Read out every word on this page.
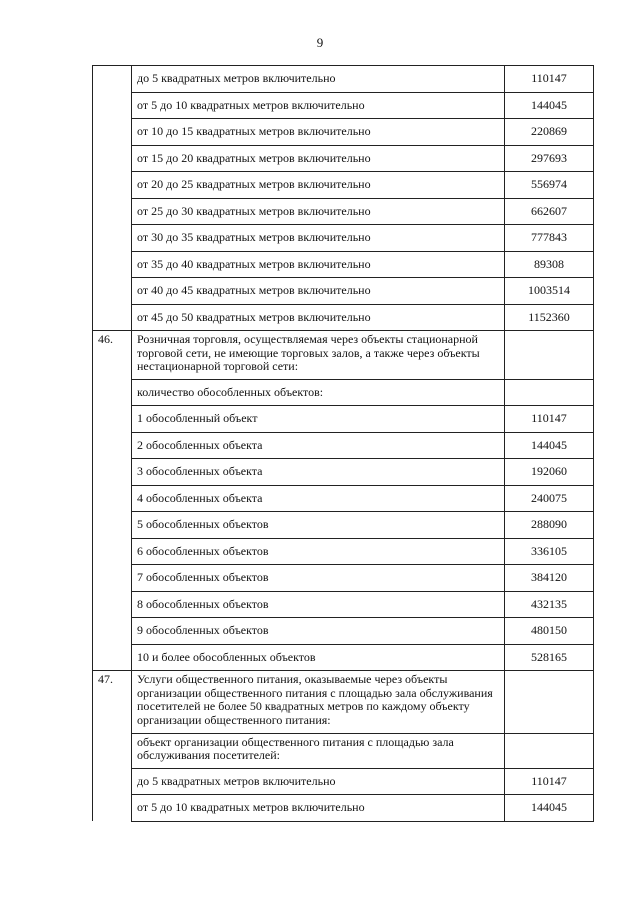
9
	до 5 квадратных метров включительно	110147
	от 5 до 10 квадратных метров включительно	144045
	от 10 до 15 квадратных метров включительно	220869
	от 15 до 20 квадратных метров включительно	297693
	от 20 до 25 квадратных метров включительно	556974
	от 25 до 30 квадратных метров включительно	662607
	от 30 до 35 квадратных метров включительно	777843
	от 35 до 40 квадратных метров включительно	89308
	от 40 до 45 квадратных метров включительно	1003514
	от 45 до 50 квадратных метров включительно	1152360
46.	Розничная торговля, осуществляемая через объекты стационарной торговой сети, не имеющие торговых залов, а также через объекты нестационарной торговой сети:	
	количество обособленных объектов:	
	1 обособленный объект	110147
	2 обособленных объекта	144045
	3 обособленных объекта	192060
	4 обособленных объекта	240075
	5 обособленных объектов	288090
	6 обособленных объектов	336105
	7 обособленных объектов	384120
	8 обособленных объектов	432135
	9 обособленных объектов	480150
	10 и более обособленных объектов	528165
47.	Услуги общественного питания, оказываемые через объекты организации общественного питания с площадью зала обслуживания посетителей не более 50 квадратных метров по каждому объекту организации общественного питания:	
	объект организации общественного питания с площадью зала обслуживания посетителей:	
	до 5 квадратных метров включительно	110147
	от 5 до 10 квадратных метров включительно	144045
